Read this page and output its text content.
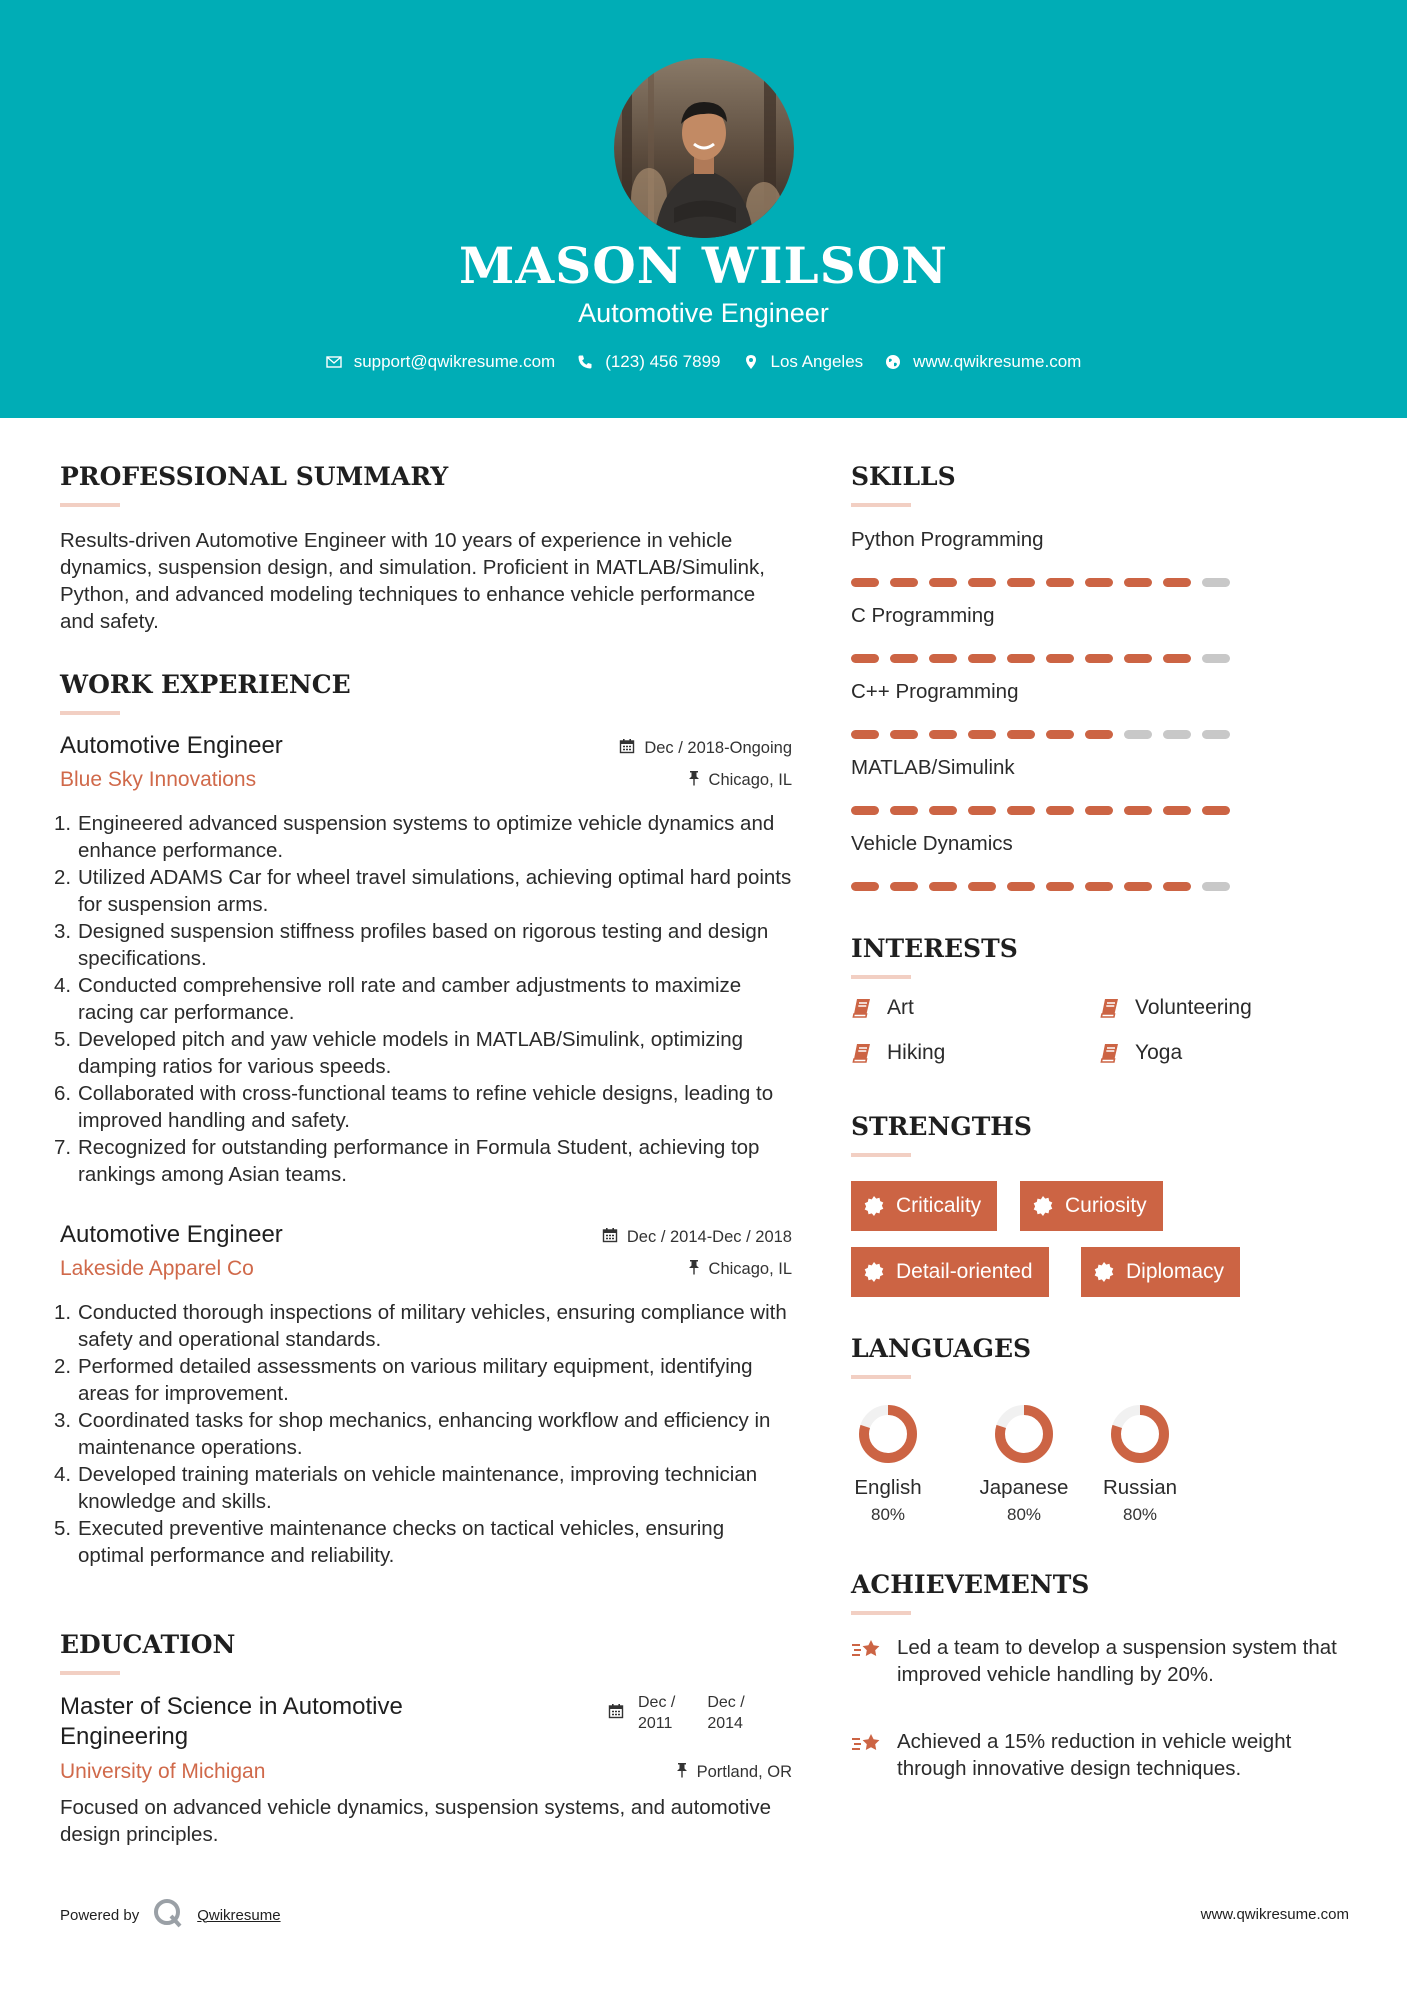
MASON WILSON
Automotive Engineer
support@qwikresume.com	(123) 456 7899	Los Angeles	www.qwikresume.com
PROFESSIONAL SUMMARY
Results-driven Automotive Engineer with 10 years of experience in vehicle dynamics, suspension design, and simulation. Proficient in MATLAB/Simulink, Python, and advanced modeling techniques to enhance vehicle performance and safety.
WORK EXPERIENCE
Automotive Engineer
Blue Sky Innovations
Dec / 2018-Ongoing
Chicago, IL
1. Engineered advanced suspension systems to optimize vehicle dynamics and enhance performance.
2. Utilized ADAMS Car for wheel travel simulations, achieving optimal hard points for suspension arms.
3. Designed suspension stiffness profiles based on rigorous testing and design specifications.
4. Conducted comprehensive roll rate and camber adjustments to maximize racing car performance.
5. Developed pitch and yaw vehicle models in MATLAB/Simulink, optimizing damping ratios for various speeds.
6. Collaborated with cross-functional teams to refine vehicle designs, leading to improved handling and safety.
7. Recognized for outstanding performance in Formula Student, achieving top rankings among Asian teams.
Automotive Engineer
Lakeside Apparel Co
Dec / 2014-Dec / 2018
Chicago, IL
1. Conducted thorough inspections of military vehicles, ensuring compliance with safety and operational standards.
2. Performed detailed assessments on various military equipment, identifying areas for improvement.
3. Coordinated tasks for shop mechanics, enhancing workflow and efficiency in maintenance operations.
4. Developed training materials on vehicle maintenance, improving technician knowledge and skills.
5. Executed preventive maintenance checks on tactical vehicles, ensuring optimal performance and reliability.
EDUCATION
Master of Science in Automotive Engineering
University of Michigan
Focused on advanced vehicle dynamics, suspension systems, and automotive design principles.
Dec /
2011
Dec /
2014
Portland, OR
SKILLS
Python Programming
C Programming
C++ Programming
MATLAB/Simulink
Vehicle Dynamics
INTERESTS
Art	Volunteering
Hiking	Yoga
STRENGTHS
Criticality	Curiosity
Detail-oriented	Diplomacy
LANGUAGES
English
80%
Japanese
80%
Russian
80%
ACHIEVEMENTS
Led a team to develop a suspension system that improved vehicle handling by 20%.
Achieved a 15% reduction in vehicle weight through innovative design techniques.
Powered by	Qwikresume	www.qwikresume.com
